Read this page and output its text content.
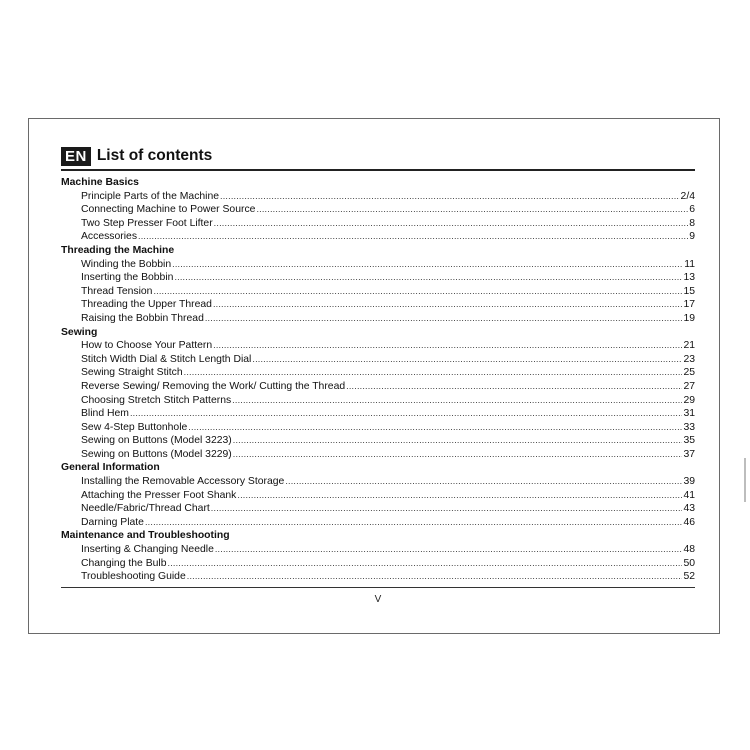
EN List of contents
Machine Basics
Principle Parts of the Machine .....	2/4
Connecting Machine to Power Source .....	6
Two Step Presser Foot Lifter .....	8
Accessories .....	9
Threading the Machine
Winding the Bobbin .....	11
Inserting the Bobbin .....	13
Thread Tension .....	15
Threading the Upper Thread .....	17
Raising the Bobbin Thread .....	19
Sewing
How to Choose Your Pattern .....	21
Stitch Width Dial & Stitch Length Dial .....	23
Sewing Straight Stitch .....	25
Reverse Sewing/ Removing the Work/ Cutting the Thread .....	27
Choosing Stretch Stitch Patterns .....	29
Blind Hem .....	31
Sew 4-Step Buttonhole .....	33
Sewing on Buttons (Model 3223) .....	35
Sewing on Buttons (Model 3229) .....	37
General Information
Installing the Removable Accessory Storage .....	39
Attaching the Presser Foot Shank .....	41
Needle/Fabric/Thread Chart .....	43
Darning Plate .....	46
Maintenance and Troubleshooting
Inserting & Changing Needle .....	48
Changing the Bulb .....	50
Troubleshooting Guide .....	52
V
